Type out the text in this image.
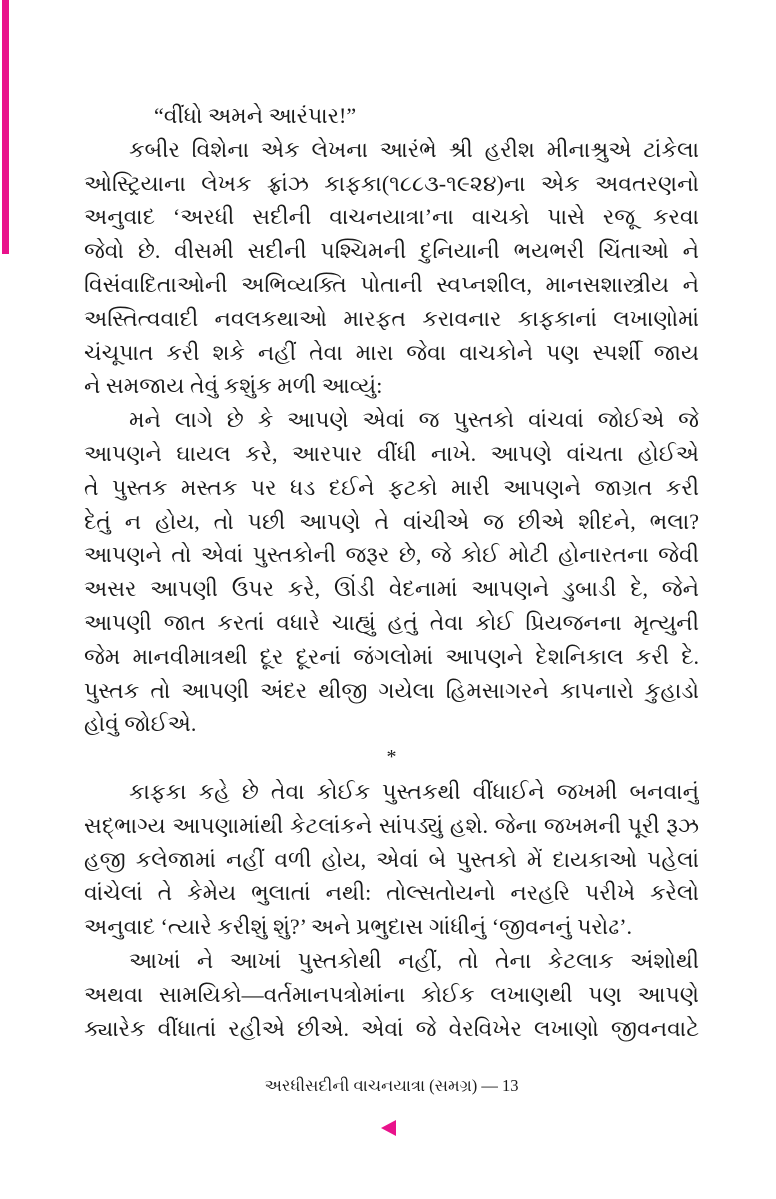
“વીંધો અમને આરંપાર!”
કબીર વિશેના એક લેખના આરંભે શ્રી હરીશ મીનાશ્રુએ ટાંકેલા
ઓસ્ટ્રિયાના લેખક ફ્રાંઝ કાફકા(૧૮૮૩-૧૯૨૪)ના એક અવતરણનો
અનુવાદ ‘અરધી સદીની વાચનયાત્રા’ના વાચકો પાસે રજૂ કરવા
જેવો છે. વીસમી સદીની પશ્ચિમની દુનિયાની ભયભરી ચિંતાઓ ને
વિસંવાદિતાઓની અભિવ્યક્તિ પોતાની સ્વપ્નશીલ, માનસશાસ્ત્રીય ને
અસ્તિત્વવાદી નવલકથાઓ મારફત કરાવનાર કાફકાનાં લખાણોમાં
ચંચૂપાત કરી શકે નહીં તેવા મારા જેવા વાચકોને પણ સ્પર્શી જાય
ને સમજાય તેવું કશુંક મળી આવ્યું:
મને લાગે છે કે આપણે એવાં જ પુસ્તકો વાંચવાં જોઈએ જે
આપણને ઘાયલ કરે, આરપાર વીંધી નાખે. આપણે વાંચતા હોઈએ
તે પુસ્તક મસ્તક પર ધડ દઈને ફટકો મારી આપણને જાગ્રત કરી
દેતું ન હોય, તો પછી આપણે તે વાંચીએ જ છીએ શીદને, ભલા?
આપણને તો એવાં પુસ્તકોની જરૂર છે, જે કોઈ મોટી હોનારતના જેવી
અસર આપણી ઉપર કરે, ઊંડી વેદનામાં આપણને ડુબાડી દે, જેને
આપણી જાત કરતાં વધારે ચાહ્યું હતું તેવા કોઈ પ્રિયજનના મૃત્યુની
જેમ માનવીમાત્રથી દૂર દૂરનાં જંગલોમાં આપણને દેશનિકાલ કરી દે.
પુસ્તક તો આપણી અંદર થીજી ગયેલા હિમસાગરને કાપનારો કુહાડો
હોવું જોઈએ.
*
કાફકા કહે છે તેવા કોઈક પુસ્તકથી વીંધાઈને જખમી બનવાનું
સદ્ભાગ્ય આપણામાંથી કેટલાંકને સાંપડ્યું હશે. જેના જખમની પૂરી રૂઝ
હજી કલેજામાં નહીં વળી હોય, એવાં બે પુસ્તકો મેં દાયકાઓ પહેલાં
વાંચેલાં તે કેમેય ભુલાતાં નથી: તોલ્સતોયનો નરહરિ પરીખે કરેલો
અનુવાદ ‘ત્યારે કરીશું શું?’ અને પ્રભુદાસ ગાંધીનું ‘જીવનનું પરોઢ’.
આખાં ને આખાં પુસ્તકોથી નહીં, તો તેના કેટલાક અંશોથી
અથવા સામયિકો—વર્તમાનપત્રોમાંના કોઈક લખાણથી પણ આપણે
ક્યારેક વીંધાતાં રહીએ છીએ. એવાં જે વેરવિખેર લખાણો જીવનવાટે
અરધીસદીની વાચનયાત્રા (સમગ્ર) — 13
